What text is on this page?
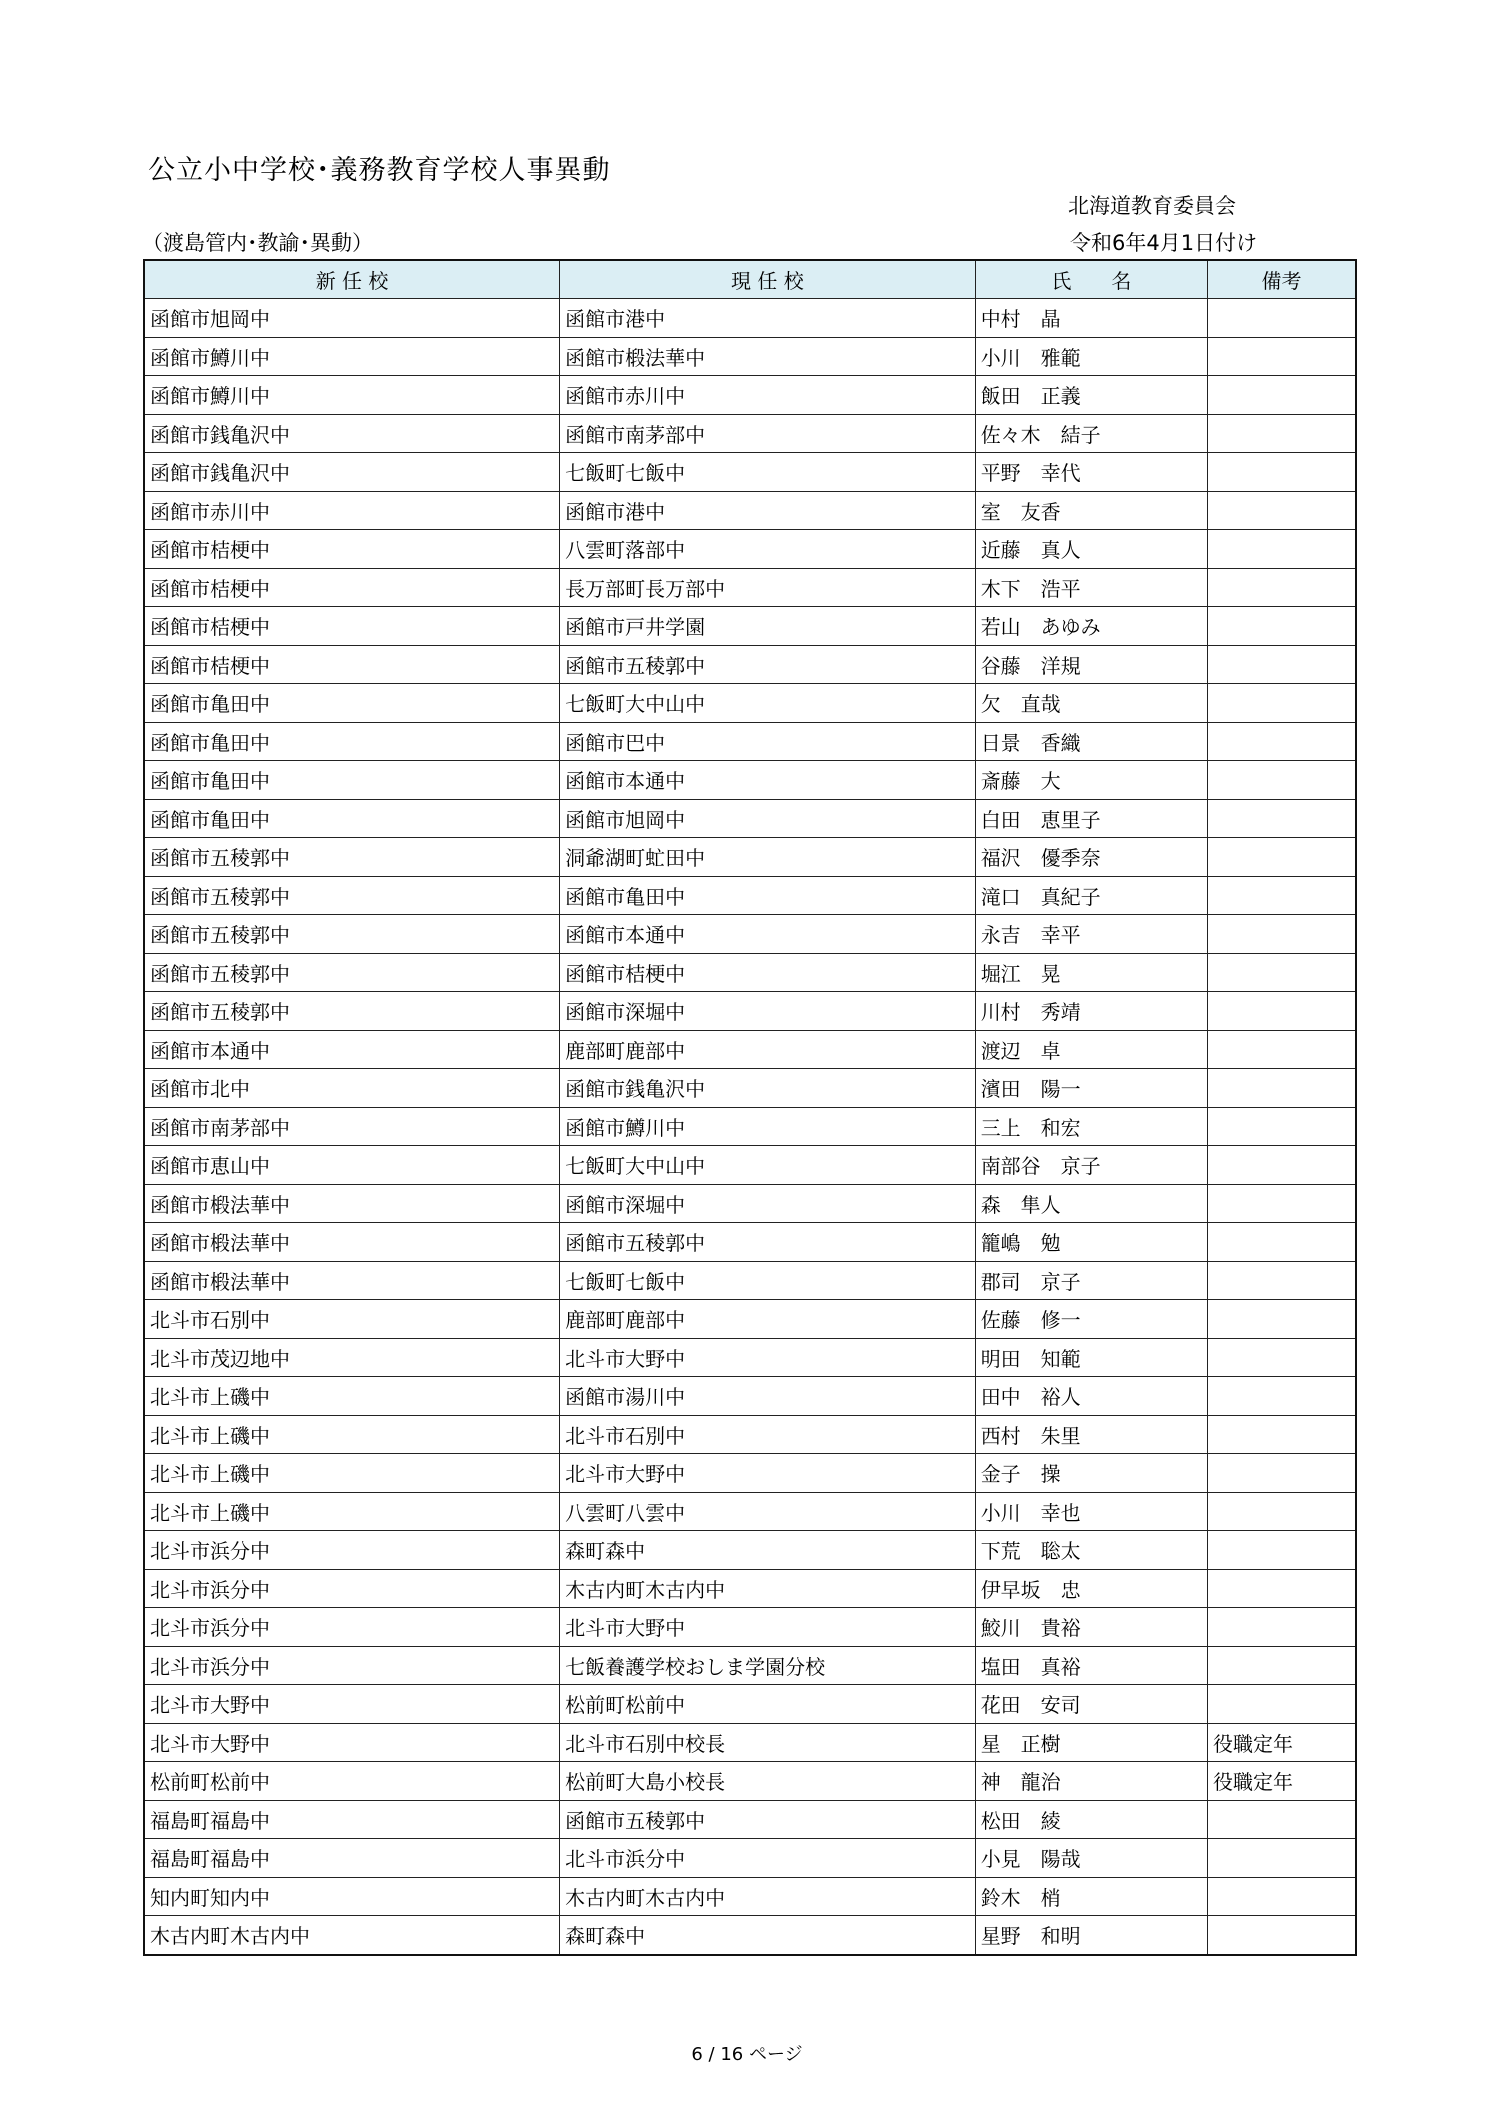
公立小中学校･義務教育学校人事異動
北海道教育委員会
（渡島管内･教諭･異動）	令和6年4月1日付け
新 任 校	現 任 校	氏　　名	備考
函館市旭岡中	函館市港中	中村　晶	
函館市鱒川中	函館市椴法華中	小川　雅範	
函館市鱒川中	函館市赤川中	飯田　正義	
函館市銭亀沢中	函館市南茅部中	佐々木　結子	
函館市銭亀沢中	七飯町七飯中	平野　幸代	
函館市赤川中	函館市港中	室　友香	
函館市桔梗中	八雲町落部中	近藤　真人	
函館市桔梗中	長万部町長万部中	木下　浩平	
函館市桔梗中	函館市戸井学園	若山　あゆみ	
函館市桔梗中	函館市五稜郭中	谷藤　洋規	
函館市亀田中	七飯町大中山中	欠　直哉	
函館市亀田中	函館市巴中	日景　香織	
函館市亀田中	函館市本通中	斎藤　大	
函館市亀田中	函館市旭岡中	白田　恵里子	
函館市五稜郭中	洞爺湖町虻田中	福沢　優季奈	
函館市五稜郭中	函館市亀田中	滝口　真紀子	
函館市五稜郭中	函館市本通中	永吉　幸平	
函館市五稜郭中	函館市桔梗中	堀江　晃	
函館市五稜郭中	函館市深堀中	川村　秀靖	
函館市本通中	鹿部町鹿部中	渡辺　卓	
函館市北中	函館市銭亀沢中	濱田　陽一	
函館市南茅部中	函館市鱒川中	三上　和宏	
函館市恵山中	七飯町大中山中	南部谷　京子	
函館市椴法華中	函館市深堀中	森　隼人	
函館市椴法華中	函館市五稜郭中	籠嶋　勉	
函館市椴法華中	七飯町七飯中	郡司　京子	
北斗市石別中	鹿部町鹿部中	佐藤　修一	
北斗市茂辺地中	北斗市大野中	明田　知範	
北斗市上磯中	函館市湯川中	田中　裕人	
北斗市上磯中	北斗市石別中	西村　朱里	
北斗市上磯中	北斗市大野中	金子　操	
北斗市上磯中	八雲町八雲中	小川　幸也	
北斗市浜分中	森町森中	下荒　聡太	
北斗市浜分中	木古内町木古内中	伊早坂　忠	
北斗市浜分中	北斗市大野中	鮫川　貴裕	
北斗市浜分中	七飯養護学校おしま学園分校	塩田　真裕	
北斗市大野中	松前町松前中	花田　安司	
北斗市大野中	北斗市石別中校長	星　正樹	役職定年
松前町松前中	松前町大島小校長	神　龍治	役職定年
福島町福島中	函館市五稜郭中	松田　綾	
福島町福島中	北斗市浜分中	小見　陽哉	
知内町知内中	木古内町木古内中	鈴木　梢	
木古内町木古内中	森町森中	星野　和明	
6 / 16 ページ
